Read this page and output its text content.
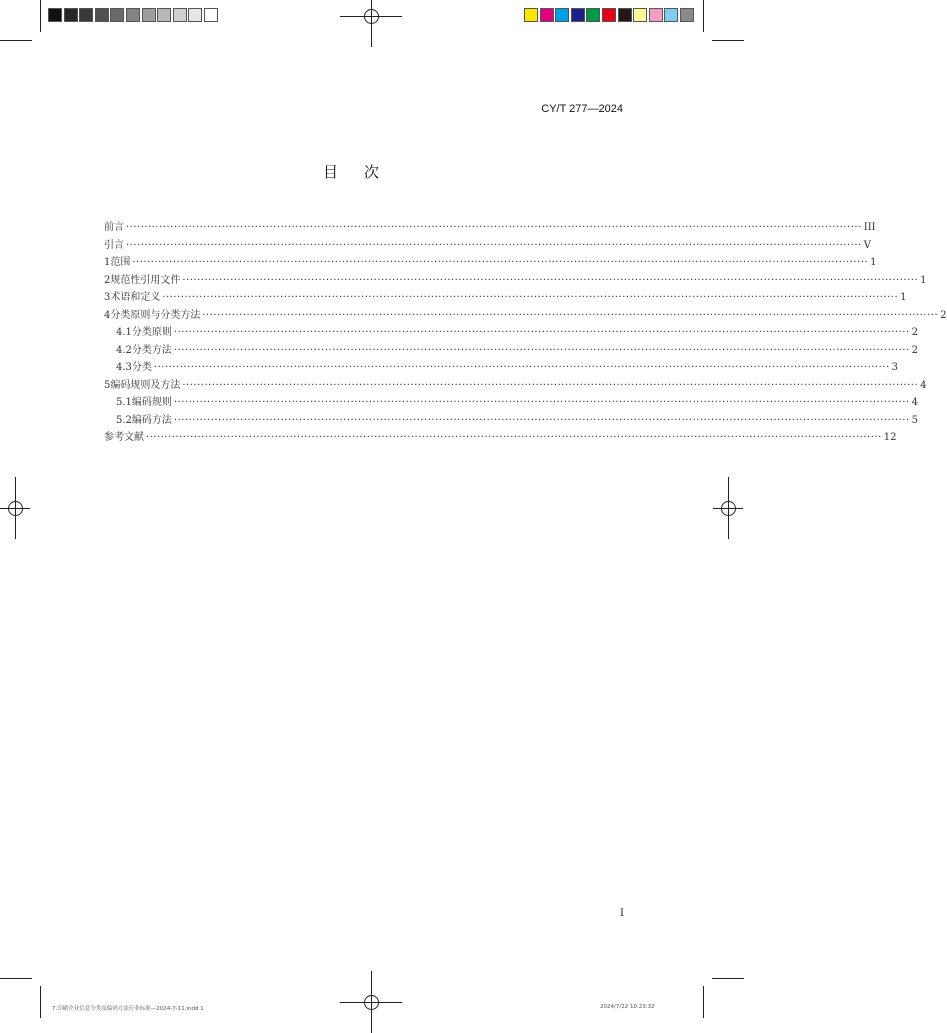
CY/T 277—2024
目次
前言 ········································································································································································································ III
引言 ········································································································································································································ V
1 范围 ········································································································································································································ 1
2 规范性引用文件 ········································································································································································································ 1
3 术语和定义 ········································································································································································································ 1
4 分类原则与分类方法 ········································································································································································································ 2
4.1 分类原则 ········································································································································································································ 2
4.2 分类方法 ········································································································································································································ 2
4.3 分类 ········································································································································································································ 3
5 编码规则及方法 ········································································································································································································ 4
5.1 编码规则 ········································································································································································································ 4
5.2 编码方法 ········································································································································································································ 5
参考文献 ········································································································································································································ 12
I
7.印刷企业信息分类及编码方法行业标准—2024-7-11.indd 1	2024/7/22 10:23:32
